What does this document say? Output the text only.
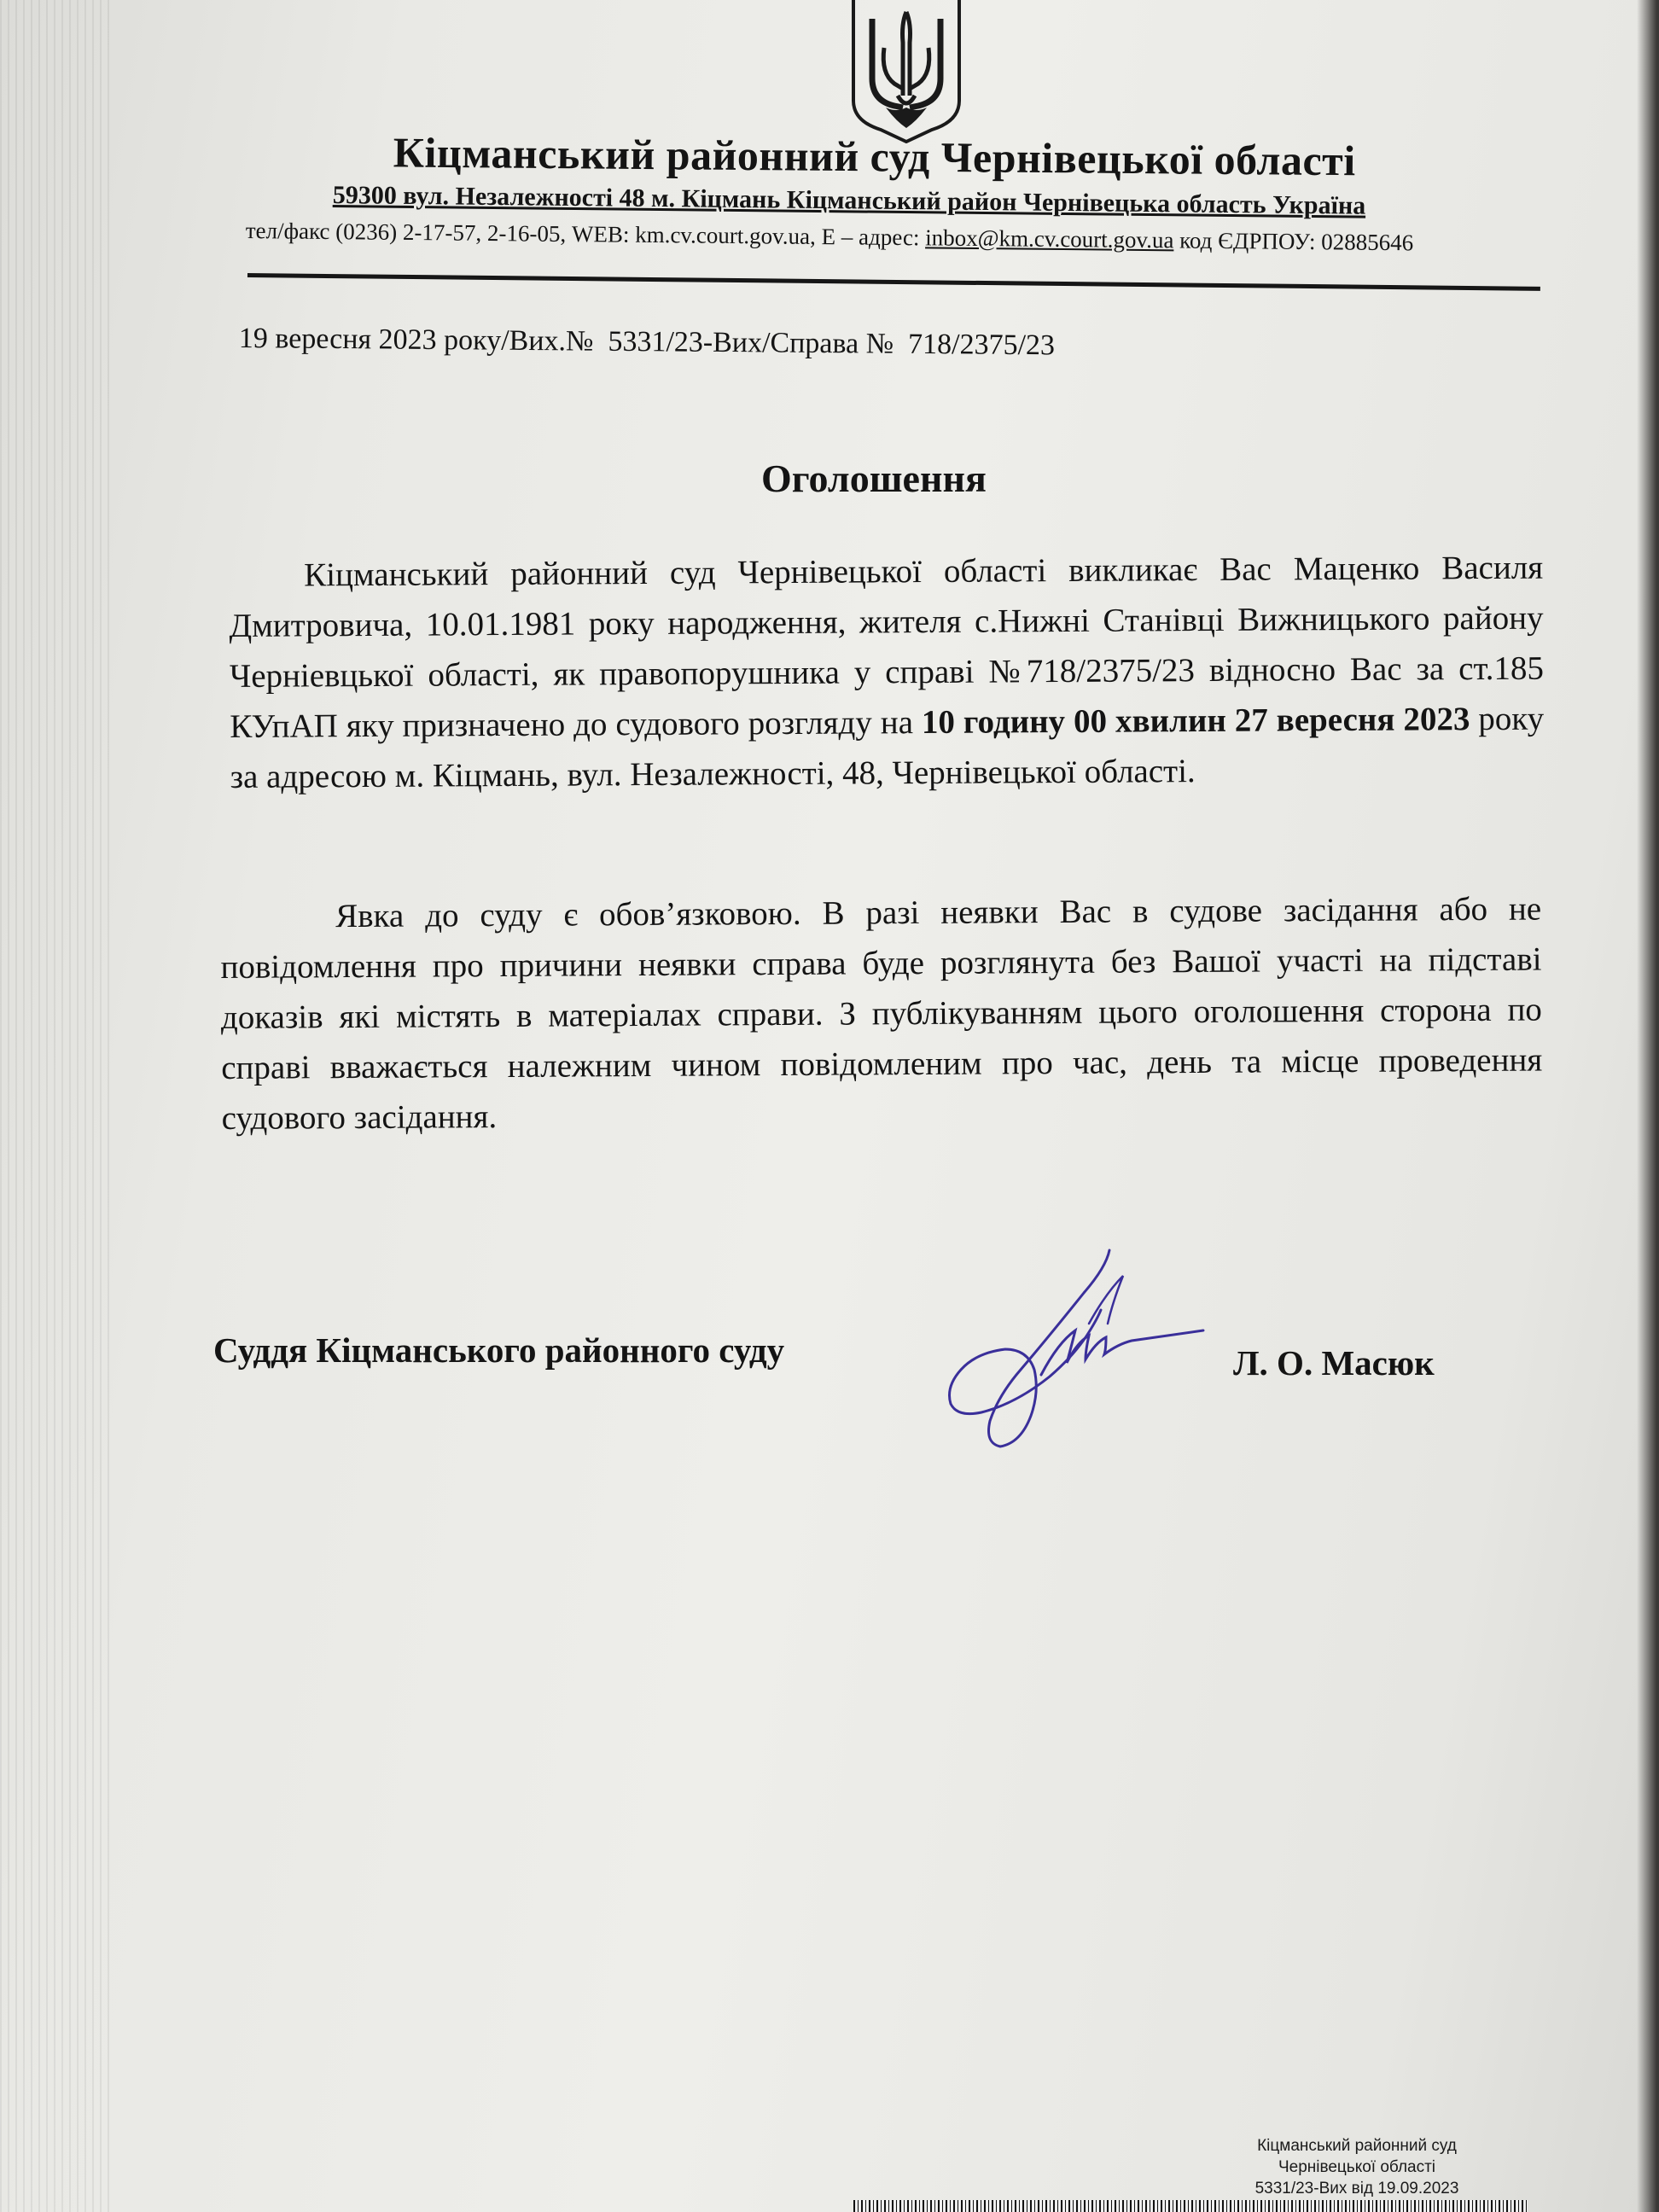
Кіцманський районний суд Чернівецької області
59300 вул. Незалежності 48 м. Кіцмань Кіцманський район Чернівецька область Україна
тел/факс (0236) 2-17-57, 2-16-05, WEB: km.cv.court.gov.ua, E – адрес: inbox@km.cv.court.gov.ua код ЄДРПОУ: 02885646
19 вересня 2023 року/Вих.№  5331/23-Вих/Справа №  718/2375/23
Оголошення
Кіцманський районний суд Чернівецької області викликає Вас Маценко Василя Дмитровича, 10.01.1981 року народження, жителя с.Нижні Станівці Вижницького району Черніевцької області, як правопорушника у справі №718/2375/23 відносно Вас за ст.185 КУпАП яку призначено до судового розгляду на 10 годину 00 хвилин 27 вересня 2023 року за адресою м. Кіцмань, вул. Незалежності, 48, Чернівецької області.
Явка до суду є обов’язковою. В разі неявки Вас в судове засідання або не повідомлення про причини неявки справа буде розглянута без Вашої участі на підставі доказів які містять в матеріалах справи. З публікуванням цього оголошення сторона по справі вважається належним чином повідомленим про час, день та місце проведення судового засідання.
Суддя Кіцманського районного суду	Л. О. Масюк
Кіцманський районний суд
Чернівецької області
5331/23-Вих від 19.09.2023
